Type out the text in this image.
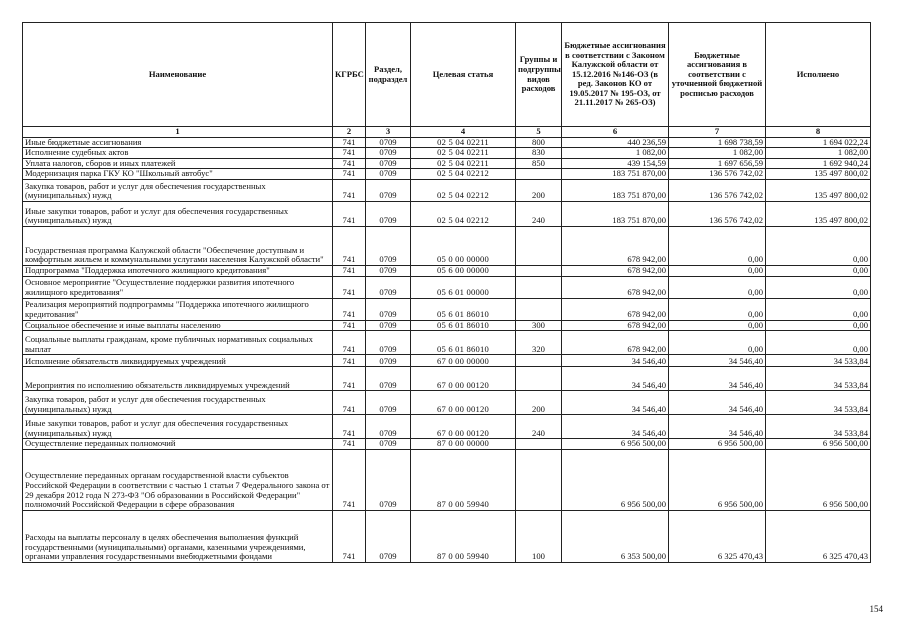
Наименование	КГРБС	Раздел, подраздел	Целевая статья	Группы и подгруппы видов расходов	Бюджетные ассигнования в соответствии с Законом Калужской области от 15.12.2016 №146-ОЗ (в ред. Законов КО от 19.05.2017 № 195-ОЗ, от 21.11.2017 № 265-ОЗ)	Бюджетные ассигнования в соответствии с уточненной бюджетной росписью расходов	Исполнено
1	2	3	4	5	6	7	8
Иные бюджетные ассигнования	741	0709	02 5 04 02211	800	440 236,59	1 698 738,59	1 694 022,24
Исполнение судебных актов	741	0709	02 5 04 02211	830	1 082,00	1 082,00	1 082,00
Уплата налогов, сборов и иных платежей	741	0709	02 5 04 02211	850	439 154,59	1 697 656,59	1 692 940,24
Модернизация парка ГКУ КО "Школьный автобус"	741	0709	02 5 04 02212		183 751 870,00	136 576 742,02	135 497 800,02
Закупка товаров, работ и услуг для обеспечения государственных (муниципальных) нужд	741	0709	02 5 04 02212	200	183 751 870,00	136 576 742,02	135 497 800,02
Иные закупки товаров, работ и услуг для обеспечения государственных (муниципальных) нужд	741	0709	02 5 04 02212	240	183 751 870,00	136 576 742,02	135 497 800,02
Государственная программа Калужской области "Обеспечение доступным и комфортным жильем и коммунальными услугами населения Калужской области"	741	0709	05 0 00 00000		678 942,00	0,00	0,00
Подпрограмма "Поддержка ипотечного жилищного кредитования"	741	0709	05 6 00 00000		678 942,00	0,00	0,00
Основное мероприятие "Осуществление поддержки развития ипотечного жилищного кредитования"	741	0709	05 6 01 00000		678 942,00	0,00	0,00
Реализация мероприятий подпрограммы "Поддержка ипотечного жилищного кредитования"	741	0709	05 6 01 86010		678 942,00	0,00	0,00
Социальное обеспечение и иные выплаты населению	741	0709	05 6 01 86010	300	678 942,00	0,00	0,00
Социальные выплаты гражданам, кроме публичных нормативных социальных выплат	741	0709	05 6 01 86010	320	678 942,00	0,00	0,00
Исполнение обязательств ликвидируемых учреждений	741	0709	67 0 00 00000		34 546,40	34 546,40	34 533,84
Мероприятия по исполнению обязательств ликвидируемых учреждений	741	0709	67 0 00 00120		34 546,40	34 546,40	34 533,84
Закупка товаров, работ и услуг для обеспечения государственных (муниципальных) нужд	741	0709	67 0 00 00120	200	34 546,40	34 546,40	34 533,84
Иные закупки товаров, работ и услуг для обеспечения государственных (муниципальных) нужд	741	0709	67 0 00 00120	240	34 546,40	34 546,40	34 533,84
Осуществление переданных полномочий	741	0709	87 0 00 00000		6 956 500,00	6 956 500,00	6 956 500,00
Осуществление переданных органам государственной власти субъектов Российской Федерации в соответствии с частью 1 статьи 7 Федерального закона от 29 декабря 2012 года N 273-ФЗ "Об образовании в Российской Федерации" полномочий Российской Федерации в сфере образования	741	0709	87 0 00 59940		6 956 500,00	6 956 500,00	6 956 500,00
Расходы на выплаты персоналу в целях обеспечения выполнения функций государственными (муниципальными) органами, казенными учреждениями, органами управления государственными внебюджетными фондами	741	0709	87 0 00 59940	100	6 353 500,00	6 325 470,43	6 325 470,43
154
